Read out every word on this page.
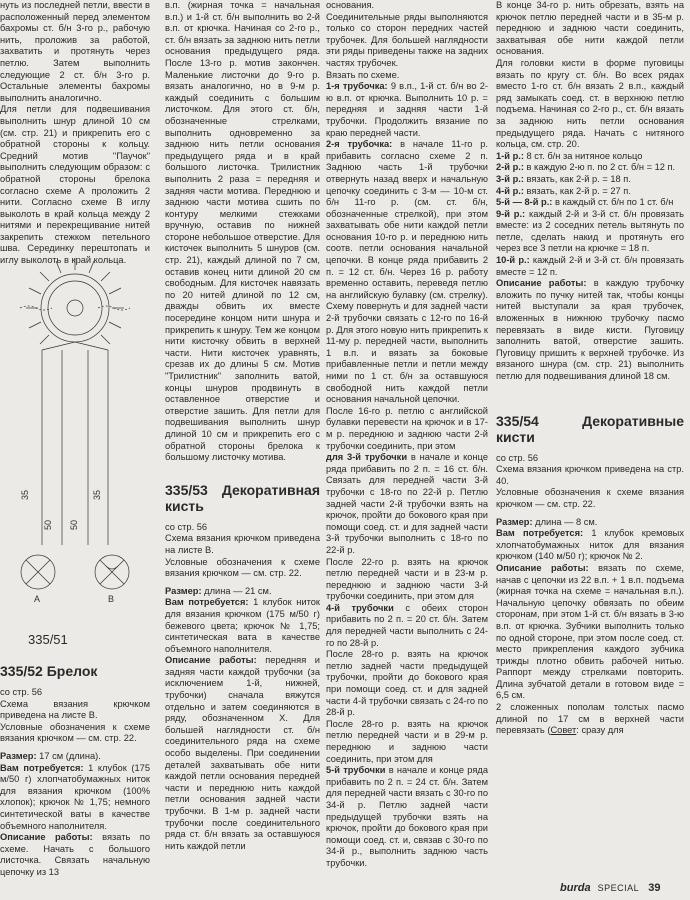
нуть из последней петли, ввести в расположенный перед элементом бахромы ст. б/н 3-го р., рабочую нить, проложив за работой, захватить и протянуть через петлю. Затем выполнить следующие 2 ст. б/н 3-го р. Остальные элементы бахромы выполнить аналогично.

Для петли для подвешивания выполнить шнур длиной 10 см (см. стр. 21) и прикрепить его с обратной стороны к кольцу. Средний мотив "Паучок" выполнить следующим образом: с обратной стороны брелока согласно схеме А проложить 2 нити. Согласно схеме В иглу выколоть в край кольца между 2 нитями и перекрещивание нитей закрепить стежком петельного шва. Серединку перештопать и иглу выколоть в край кольца.

35
50 50
35
A	B
335/51
335/52 Брелок

со стр. 56

Схема вязания крючком приведена на листе В.

Условные обозначения к схеме вязания крючком — см. стр. 22.

Размер: 17 см (длина).

Вам потребуется: 1 клубок (175 м/50 г) хлопчатобумажных ниток для вязания крючком (100% хлопок); крючок № 1,75; немного синтетической ваты в качестве объемного наполнителя.

Описание работы: вязать по схеме. Начать с большого листочка. Связать начальную цепочку из 13

в.п. (жирная точка = начальная в.п.) и 1-й ст. б/н выполнить во 2-й в.п. от крючка. Начиная со 2-го р., ст. б/н вязать за заднюю нить петли основания предыдущего ряда. После 13-го р. мотив закончен. Маленькие листочки до 9-го р. вязать аналогично, но в 9-м р. каждый соединить с большим листочком. Для этого ст. б/н, обозначенные стрелками, выполнить одновременно за заднюю нить петли основания предыдущего ряда и в край большого листочка. Трилистник выполнить 2 раза = передняя и задняя части мотива. Переднюю и заднюю части мотива сшить по контуру мелкими стежками вручную, оставив по нижней стороне небольшое отверстие. Для кисточек выполнить 5 шнуров (см. стр. 21), каждый длиной по 7 см, оставив конец нити длиной 20 см свободным. Для кисточек навязать по 20 нитей длиной по 12 см, дважды обвить их вместе посередине концом нити шнура и прикрепить к шнуру. Тем же концом нити кисточку обвить в верхней части. Нити кисточек уравнять, срезав их до длины 5 см. Мотив "Трилистник" заполнить ватой, концы шнуров продвинуть в оставленное отверстие и отверстие зашить. Для петли для подвешивания выполнить шнур длиной 10 см и прикрепить его с обратной стороны брелока к большому листочку мотива.

335/53 Декоративная кисть

со стр. 56

Схема вязания крючком приведена на листе В.

Условные обозначения к схеме вязания крючком — см. стр. 22.

Размер: длина — 21 см.

Вам потребуется: 1 клубок ниток для вязания крючком (175 м/50 г) бежевого цвета; крючок № 1,75; синтетическая вата в качестве объемного наполнителя.

Описание работы: передняя и задняя части каждой трубочки (за исключением 1-й, нижней, трубочки) сначала вяжутся отдельно и затем соединяются в ряду, обозначенном X. Для большей наглядности ст. б/н соединительного ряда на схеме особо выделены. При соединении деталей захватывать обе нити каждой петли основания передней части и переднюю нить каждой петли основания задней части трубочки. В 1-м р. задней части трубочки после соединительного ряда ст. б/н вязать за оставшуюся нить каждой петли

основания.

Соединительные ряды выполняются только со сторон передних частей трубочек. Для большей наглядности эти ряды приведены также на задних частях трубочек.

Вязать по схеме.

1-я трубочка: 9 в.п., 1-й ст. б/н во 2-ю в.п. от крючка. Выполнить 10 р. = передняя и задняя части 1-й трубочки. Продолжить вязание по краю передней части.

2-я трубочка: в начале 11-го р. прибавить согласно схеме 2 п. Заднюю часть 1-й трубочки отвернуть назад вверх и начальную цепочку соединить с 3-м — 10-м ст. б/н 11-го р. (см. ст. б/н, обозначенные стрелкой), при этом захватывать обе нити каждой петли основания 10-го р. и переднюю нить соотв. петли основания начальной цепочки. В конце ряда прибавить 2 п. = 12 ст. б/н. Через 16 р. работу временно оставить, переведя петлю на английскую булавку (см. стрелку). Схему повернуть и для задней части 2-й трубочки связать с 12-го по 16-й р. Для этого новую нить прикрепить к 11-му р. передней части, выполнить 1 в.п. и вязать за боковые прибавленные петли и петли между ними по 1 ст. б/н за оставшуюся свободной нить каждой петли основания начальной цепочки.

После 16-го р. петлю с английской булавки перевести на крючок и в 17-м р. переднюю и заднюю части 2-й трубочки соединить, при этом

для 3-й трубочки в начале и конце ряда прибавить по 2 п. = 16 ст. б/н. Связать для передней части 3-й трубочки с 18-го по 22-й р. Петлю задней части 2-й трубочки взять на крючок, пройти до бокового края при помощи соед. ст. и для задней части 3-й трубочки выполнить с 18-го по 22-й р.

После 22-го р. взять на крючок петлю передней части и в 23-м р. переднюю и заднюю части 3-й трубочки соединить, при этом для

4-й трубочки с обеих сторон прибавить по 2 п. = 20 ст. б/н. Затем для передней части выполнить с 24-го по 28-й р.

После 28-го р. взять на крючок петлю задней части предыдущей трубочки, пройти до бокового края при помощи соед. ст. и для задней части 4-й трубочки связать с 24-го по 28-й р.

После 28-го р. взять на крючок петлю передней части и в 29-м р. переднюю и заднюю части соединить, при этом для

5-й трубочки в начале и конце ряда прибавить по 2 п. = 24 ст. б/н. Затем для передней части вязать с 30-го по 34-й р. Петлю задней части предыдущей трубочки взять на крючок, пройти до бокового края при помощи соед. ст. и, связав с 30-го по 34-й р., выполнить заднюю часть трубочки.

В конце 34-го р. нить обрезать, взять на крючок петлю передней части и в 35-м р. переднюю и заднюю части соединить, захватывая обе нити каждой петли основания.

Для головки кисти в форме пуговицы вязать по кругу ст. б/н. Во всех рядах вместо 1-го ст. б/н вязать 2 в.п., каждый ряд замыкать соед. ст. в верхнюю петлю подъема. Начиная со 2-го р., ст. б/н вязать за заднюю нить петли основания предыдущего ряда. Начать с нитяного кольца, см. стр. 20.

1-й р.: 8 ст. б/н за нитяное кольцо

2-й р.: в каждую 2-ю п. по 2 ст. б/н = 12 п.

3-й р.: вязать, как 2-й р. = 18 п.

4-й р.: вязать, как 2-й р. = 27 п.

5-й — 8-й р.: в каждый ст. б/н по 1 ст. б/н

9-й р.: каждый 2-й и 3-й ст. б/н провязать вместе: из 2 соседних петель вытянуть по петле, сделать накид и протянуть его через все 3 петли на крючке = 18 п.

10-й р.: каждый 2-й и 3-й ст. б/н провязать вместе = 12 п.

Описание работы: в каждую трубочку вложить по пучку нитей так, чтобы концы нитей выступали за края трубочек, вложенных в нижнюю трубочку пасмо перевязать в виде кисти. Пуговицу заполнить ватой, отверстие зашить. Пуговицу пришить к верхней трубочке. Из вязаного шнура (см. стр. 21) выполнить петлю для подвешивания длиной 18 см.

335/54 Декоративные кисти

со стр. 56

Схема вязания крючком приведена на стр. 40.

Условные обозначения к схеме вязания крючком — см. стр. 22.

Размер: длина — 8 см.

Вам потребуется: 1 клубок кремовых хлопчатобумажных ниток для вязания крючком (140 м/50 г); крючок № 2.

Описание работы: вязать по схеме, начав с цепочки из 22 в.п. + 1 в.п. подъема (жирная точка на схеме = начальная в.п.). Начальную цепочку обвязать по обеим сторонам, при этом 1-й ст. б/н вязать в 3-ю в.п. от крючка. Зубчики выполнить только по одной стороне, при этом после соед. ст. место прикрепления каждого зубчика трижды плотно обвить рабочей нитью. Pаппорт между стрелками повторить. Длина зубчатой детали в готовом виде = 6,5 см.

2 сложенных пополам толстых пасмо длиной по 17 см в верхней части перевязать (Совет: сразу для

burda SPECIAL 39
